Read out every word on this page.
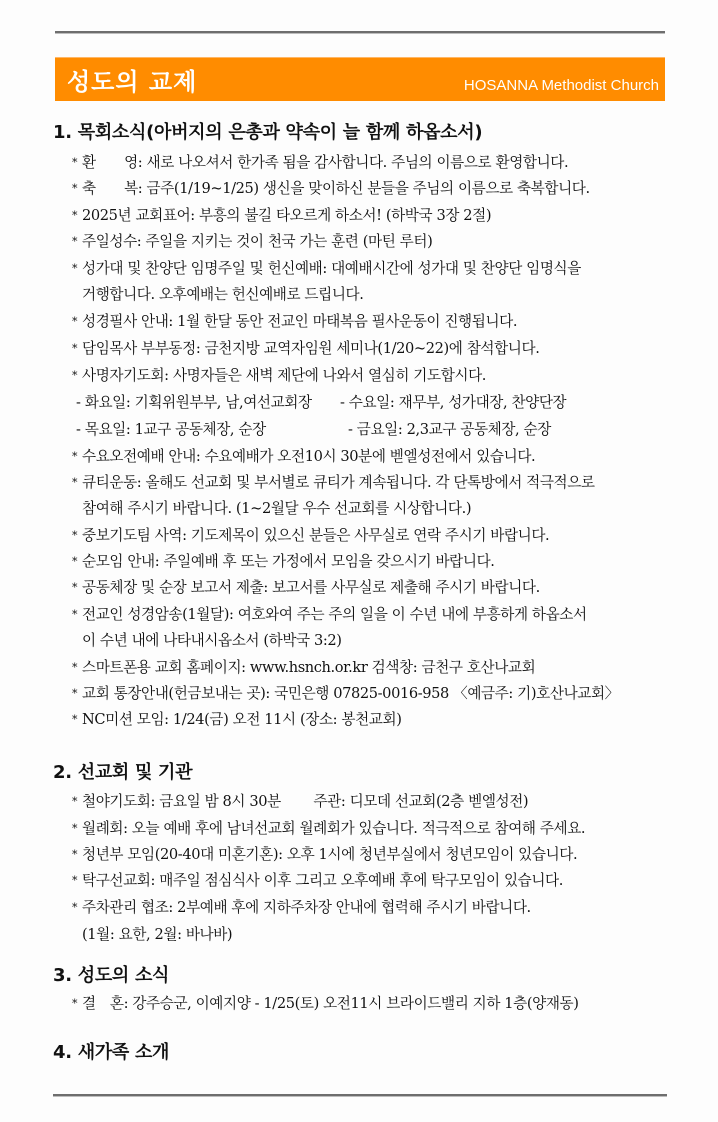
성도의 교제	HOSANNA Methodist Church
1. 목회소식(아버지의 은총과 약속이 늘 함께 하옵소서)
* 환　　영: 새로 나오셔서 한가족 됨을 감사합니다. 주님의 이름으로 환영합니다.
* 축　　복: 금주(1/19~1/25) 생신을 맞이하신 분들을 주님의 이름으로 축복합니다.
* 2025년 교회표어: 부흥의 불길 타오르게 하소서! (하박국 3장 2절)
* 주일성수: 주일을 지키는 것이 천국 가는 훈련 (마틴 루터)
* 성가대 및 찬양단 임명주일 및 헌신예배: 대예배시간에 성가대 및 찬양단 임명식을
거행합니다. 오후예배는 헌신예배로 드립니다.
* 성경필사 안내: 1월 한달 동안 전교인 마태복음 필사운동이 진행됩니다.
* 담임목사 부부동정: 금천지방 교역자임원 세미나(1/20~22)에 참석합니다.
* 사명자기도회: 사명자들은 새벽 제단에 나와서 열심히 기도합시다.
- 화요일: 기획위원부부, 남,여선교회장 - 수요일: 재무부, 성가대장, 찬양단장
- 목요일: 1교구 공동체장, 순장	- 금요일: 2,3교구 공동체장, 순장
* 수요오전예배 안내: 수요예배가 오전10시 30분에 벧엘성전에서 있습니다.
* 큐티운동: 올해도 선교회 및 부서별로 큐티가 계속됩니다. 각 단톡방에서 적극적으로
참여해 주시기 바랍니다. (1~2월달 우수 선교회를 시상합니다.)
* 중보기도팀 사역: 기도제목이 있으신 분들은 사무실로 연락 주시기 바랍니다.
* 순모임 안내: 주일예배 후 또는 가정에서 모임을 갖으시기 바랍니다.
* 공동체장 및 순장 보고서 제출: 보고서를 사무실로 제출해 주시기 바랍니다.
* 전교인 성경암송(1월달): 여호와여 주는 주의 일을 이 수년 내에 부흥하게 하옵소서
이 수년 내에 나타내시옵소서 (하박국 3:2)
* 스마트폰용 교회 홈페이지: www.hsnch.or.kr 검색창: 금천구 호산나교회
* 교회 통장안내(헌금보내는 곳): 국민은행 07825-0016-958 〈예금주: 기)호산나교회〉
* NC미션 모임: 1/24(금) 오전 11시 (장소: 봉천교회)
2. 선교회 및 기관
* 철야기도회: 금요일 밤 8시 30분　　 주관: 디모데 선교회(2층 벧엘성전)
* 월례회: 오늘 예배 후에 남녀선교회 월례회가 있습니다. 적극적으로 참여해 주세요.
* 청년부 모임(20-40대 미혼기혼): 오후 1시에 청년부실에서 청년모임이 있습니다.
* 탁구선교회: 매주일 점심식사 이후 그리고 오후예배 후에 탁구모임이 있습니다.
* 주차관리 협조: 2부예배 후에 지하주차장 안내에 협력해 주시기 바랍니다.
(1월: 요한, 2월: 바나바)
3. 성도의 소식
* 결　혼: 강주승군, 이예지양 - 1/25(토) 오전11시 브라이드밸리 지하 1층(양재동)
4. 새가족 소개
